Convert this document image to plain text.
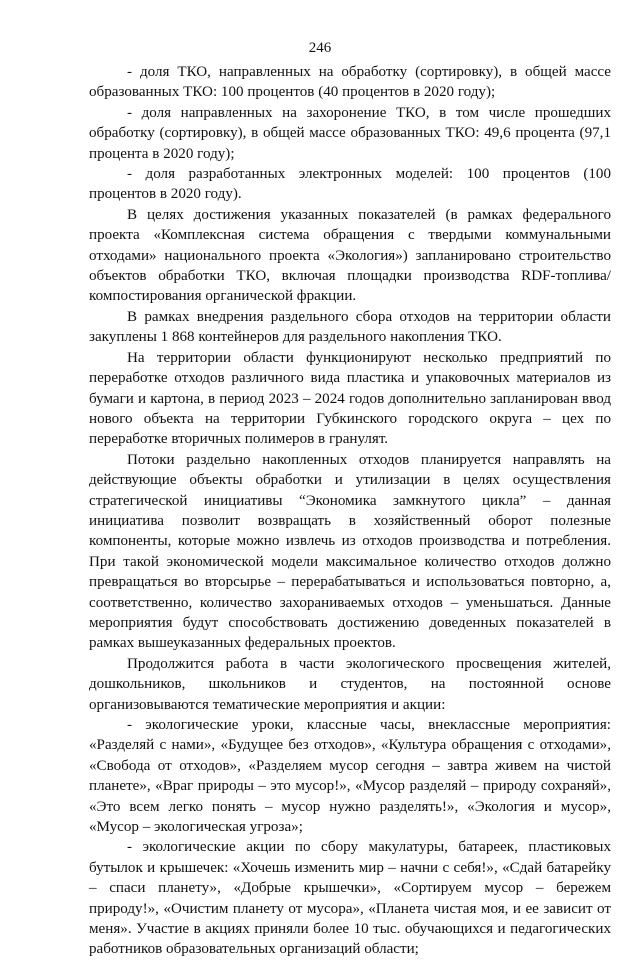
246

- доля ТКО, направленных на обработку (сортировку), в общей массе образованных ТКО: 100 процентов (40 процентов в 2020 году);

- доля направленных на захоронение ТКО, в том числе прошедших обработку (сортировку), в общей массе образованных ТКО: 49,6 процента (97,1 процента в 2020 году);

- доля разработанных электронных моделей: 100 процентов (100 процентов в 2020 году).

В целях достижения указанных показателей (в рамках федерального проекта «Комплексная система обращения с твердыми коммунальными отходами» национального проекта «Экология») запланировано строительство объектов обработки ТКО, включая площадки производства RDF-топлива/компостирования органической фракции.

В рамках внедрения раздельного сбора отходов на территории области закуплены 1 868 контейнеров для раздельного накопления ТКО.

На территории области функционируют несколько предприятий по переработке отходов различного вида пластика и упаковочных материалов из бумаги и картона, в период 2023 – 2024 годов дополнительно запланирован ввод нового объекта на территории Губкинского городского округа – цех по переработке вторичных полимеров в гранулят.

Потоки раздельно накопленных отходов планируется направлять на действующие объекты обработки и утилизации в целях осуществления стратегической инициативы “Экономика замкнутого цикла” – данная инициатива позволит возвращать в хозяйственный оборот полезные компоненты, которые можно извлечь из отходов производства и потребления. При такой экономической модели максимальное количество отходов должно превращаться во вторсырье – перерабатываться и использоваться повторно, а, соответственно, количество захораниваемых отходов – уменьшаться. Данные мероприятия будут способствовать достижению доведенных показателей в рамках вышеуказанных федеральных проектов.

Продолжится работа в части экологического просвещения жителей, дошкольников, школьников и студентов, на постоянной основе организовываются тематические мероприятия и акции:

- экологические уроки, классные часы, внеклассные мероприятия: «Разделяй с нами», «Будущее без отходов», «Культура обращения с отходами», «Свобода от отходов», «Разделяем мусор сегодня – завтра живем на чистой планете», «Враг природы – это мусор!», «Мусор разделяй – природу сохраняй», «Это всем легко понять – мусор нужно разделять!», «Экология и мусор», «Мусор – экологическая угроза»;

- экологические акции по сбору макулатуры, батареек, пластиковых бутылок и крышечек: «Хочешь изменить мир – начни с себя!», «Сдай батарейку – спаси планету», «Добрые крышечки», «Сортируем мусор – бережем природу!», «Очистим планету от мусора», «Планета чистая моя, и ее зависит от меня». Участие в акциях приняли более 10 тыс. обучающихся и педагогических работников образовательных организаций области;
